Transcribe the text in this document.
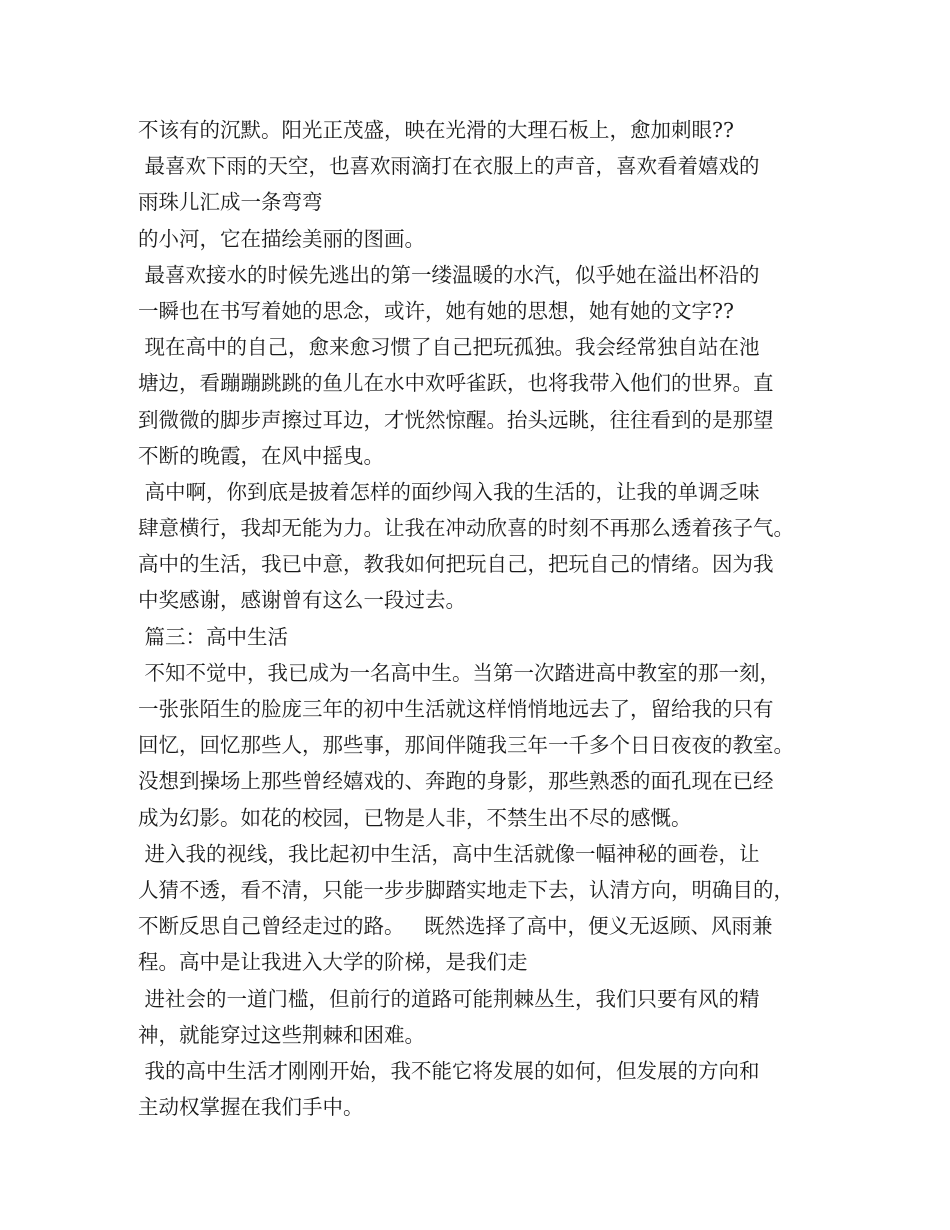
不该有的沉默。阳光正茂盛，映在光滑的大理石板上，愈加刺眼??
最喜欢下雨的天空，也喜欢雨滴打在衣服上的声音，喜欢看着嬉戏的
雨珠儿汇成一条弯弯
的小河，它在描绘美丽的图画。
最喜欢接水的时候先逃出的第一缕温暖的水汽，似乎她在溢出杯沿的
一瞬也在书写着她的思念，或许，她有她的思想，她有她的文字??
现在高中的自己，愈来愈习惯了自己把玩孤独。我会经常独自站在池
塘边，看蹦蹦跳跳的鱼儿在水中欢呼雀跃，也将我带入他们的世界。直
到微微的脚步声擦过耳边，才恍然惊醒。抬头远眺，往往看到的是那望
不断的晚霞，在风中摇曳。
高中啊，你到底是披着怎样的面纱闯入我的生活的，让我的单调乏味
肆意横行，我却无能为力。让我在冲动欣喜的时刻不再那么透着孩子气。
高中的生活，我已中意，教我如何把玩自己，把玩自己的情绪。因为我
中奖感谢，感谢曾有这么一段过去。
篇三：高中生活
不知不觉中，我已成为一名高中生。当第一次踏进高中教室的那一刻，
一张张陌生的脸庞三年的初中生活就这样悄悄地远去了，留给我的只有
回忆，回忆那些人，那些事，那间伴随我三年一千多个日日夜夜的教室。
没想到操场上那些曾经嬉戏的、奔跑的身影，那些熟悉的面孔现在已经
成为幻影。如花的校园，已物是人非，不禁生出不尽的感慨。
进入我的视线，我比起初中生活，高中生活就像一幅神秘的画卷，让
人猜不透，看不清，只能一步步脚踏实地走下去，认清方向，明确目的，
不断反思自己曾经走过的路。   既然选择了高中，便义无返顾、风雨兼
程。高中是让我进入大学的阶梯，是我们走
进社会的一道门槛，但前行的道路可能荆棘丛生，我们只要有风的精
神，就能穿过这些荆棘和困难。
我的高中生活才刚刚开始，我不能它将发展的如何，但发展的方向和
主动权掌握在我们手中。
